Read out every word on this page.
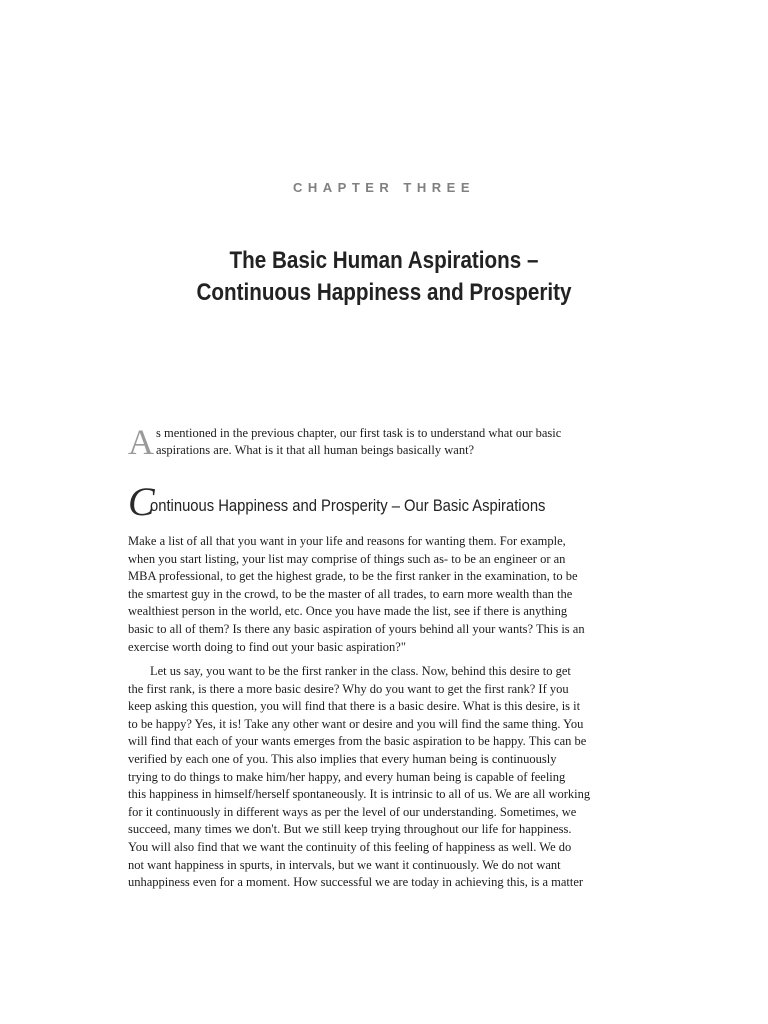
CHAPTER THREE
The Basic Human Aspirations –
Continuous Happiness and Prosperity
A s mentioned in the previous chapter, our first task is to understand what our basic
aspirations are. What is it that all human beings basically want?
C
ontinuous Happiness and Prosperity – Our Basic Aspirations
Make a list of all that you want in your life and reasons for wanting them. For example,
when you start listing, your list may comprise of things such as- to be an engineer or an
MBA professional, to get the highest grade, to be the first ranker in the examination, to be
the smartest guy in the crowd, to be the master of all trades, to earn more wealth than the
wealthiest person in the world, etc. Once you have made the list, see if there is anything
basic to all of them? Is there any basic aspiration of yours behind all your wants? This is an
exercise worth doing to find out your basic aspiration?"
Let us say, you want to be the first ranker in the class. Now, behind this desire to get
the first rank, is there a more basic desire? Why do you want to get the first rank? If you
keep asking this question, you will find that there is a basic desire. What is this desire, is it
to be happy? Yes, it is! Take any other want or desire and you will find the same thing. You
will find that each of your wants emerges from the basic aspiration to be happy. This can be
verified by each one of you. This also implies that every human being is continuously
trying to do things to make him/her happy, and every human being is capable of feeling
this happiness in himself/herself spontaneously. It is intrinsic to all of us. We are all working
for it continuously in different ways as per the level of our understanding. Sometimes, we
succeed, many times we don't. But we still keep trying throughout our life for happiness.
You will also find that we want the continuity of this feeling of happiness as well. We do
not want happiness in spurts, in intervals, but we want it continuously. We do not want
unhappiness even for a moment. How successful we are today in achieving this, is a matter
